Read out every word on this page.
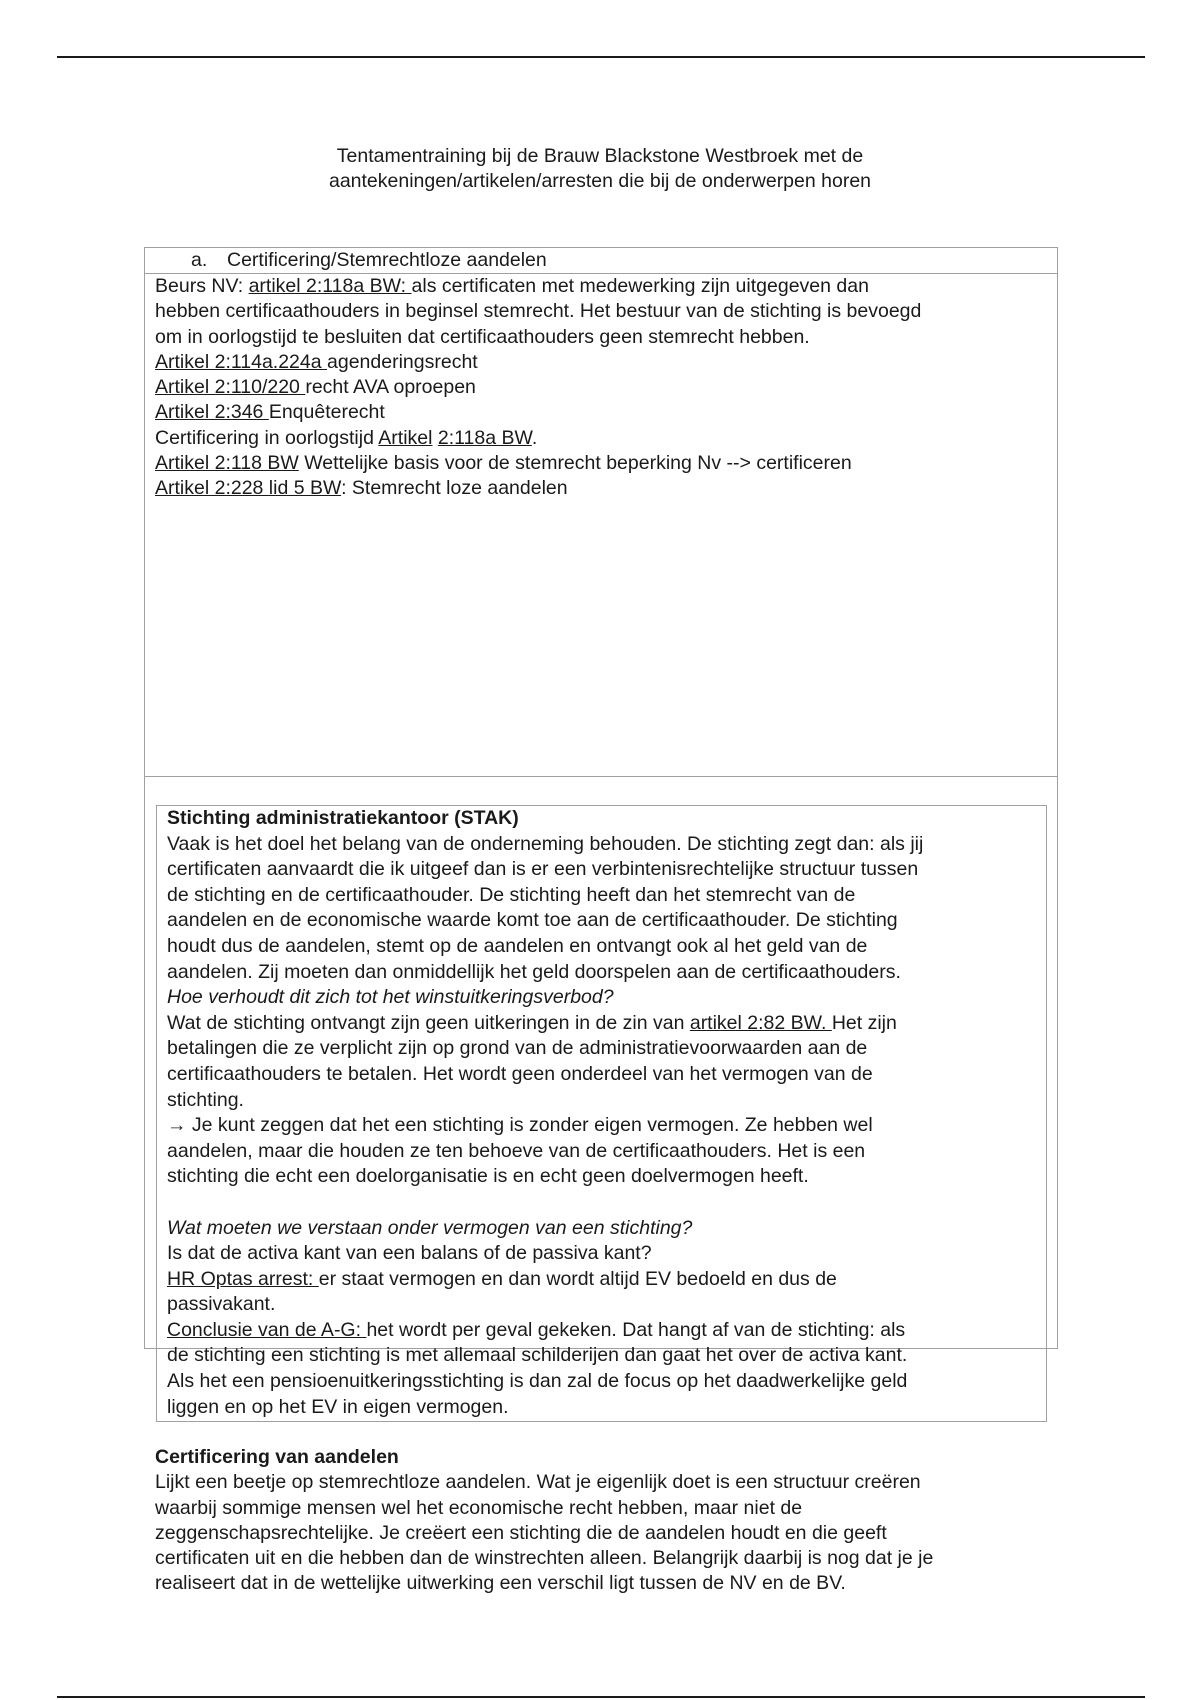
Tentamentraining bij de Brauw Blackstone Westbroek met de
aantekeningen/artikelen/arresten die bij de onderwerpen horen
a. Certificering/Stemrechtloze aandelen
Beurs NV: artikel 2:118a BW: als certificaten met medewerking zijn uitgegeven dan
hebben certificaathouders in beginsel stemrecht. Het bestuur van de stichting is bevoegd
om in oorlogstijd te besluiten dat certificaathouders geen stemrecht hebben.
Artikel 2:114a.224a agenderingsrecht
Artikel 2:110/220 recht AVA oproepen
Artikel 2:346 Enquêterecht
Certificering in oorlogstijd Artikel 2:118a BW.
Artikel 2:118 BW Wettelijke basis voor de stemrecht beperking Nv --> certificeren
Artikel 2:228 lid 5 BW: Stemrecht loze aandelen
Stichting administratiekantoor (STAK)
Vaak is het doel het belang van de onderneming behouden. De stichting zegt dan: als jij
certificaten aanvaardt die ik uitgeef dan is er een verbintenisrechtelijke structuur tussen
de stichting en de certificaathouder. De stichting heeft dan het stemrecht van de
aandelen en de economische waarde komt toe aan de certificaathouder. De stichting
houdt dus de aandelen, stemt op de aandelen en ontvangt ook al het geld van de
aandelen. Zij moeten dan onmiddellijk het geld doorspelen aan de certificaathouders.
Hoe verhoudt dit zich tot het winstuitkeringsverbod?
Wat de stichting ontvangt zijn geen uitkeringen in de zin van artikel 2:82 BW. Het zijn
betalingen die ze verplicht zijn op grond van de administratievoorwaarden aan de
certificaathouders te betalen. Het wordt geen onderdeel van het vermogen van de
stichting.
→ Je kunt zeggen dat het een stichting is zonder eigen vermogen. Ze hebben wel
aandelen, maar die houden ze ten behoeve van de certificaathouders. Het is een
stichting die echt een doelorganisatie is en echt geen doelvermogen heeft.
Wat moeten we verstaan onder vermogen van een stichting?
Is dat de activa kant van een balans of de passiva kant?
HR Optas arrest: er staat vermogen en dan wordt altijd EV bedoeld en dus de
passivakant.
Conclusie van de A-G: het wordt per geval gekeken. Dat hangt af van de stichting: als
de stichting een stichting is met allemaal schilderijen dan gaat het over de activa kant.
Als het een pensioenuitkeringsstichting is dan zal de focus op het daadwerkelijke geld
liggen en op het EV in eigen vermogen.
Certificering van aandelen
Lijkt een beetje op stemrechtloze aandelen. Wat je eigenlijk doet is een structuur creëren
waarbij sommige mensen wel het economische recht hebben, maar niet de
zeggenschapsrechtelijke. Je creëert een stichting die de aandelen houdt en die geeft
certificaten uit en die hebben dan de winstrechten alleen. Belangrijk daarbij is nog dat je je
realiseert dat in de wettelijke uitwerking een verschil ligt tussen de NV en de BV.
